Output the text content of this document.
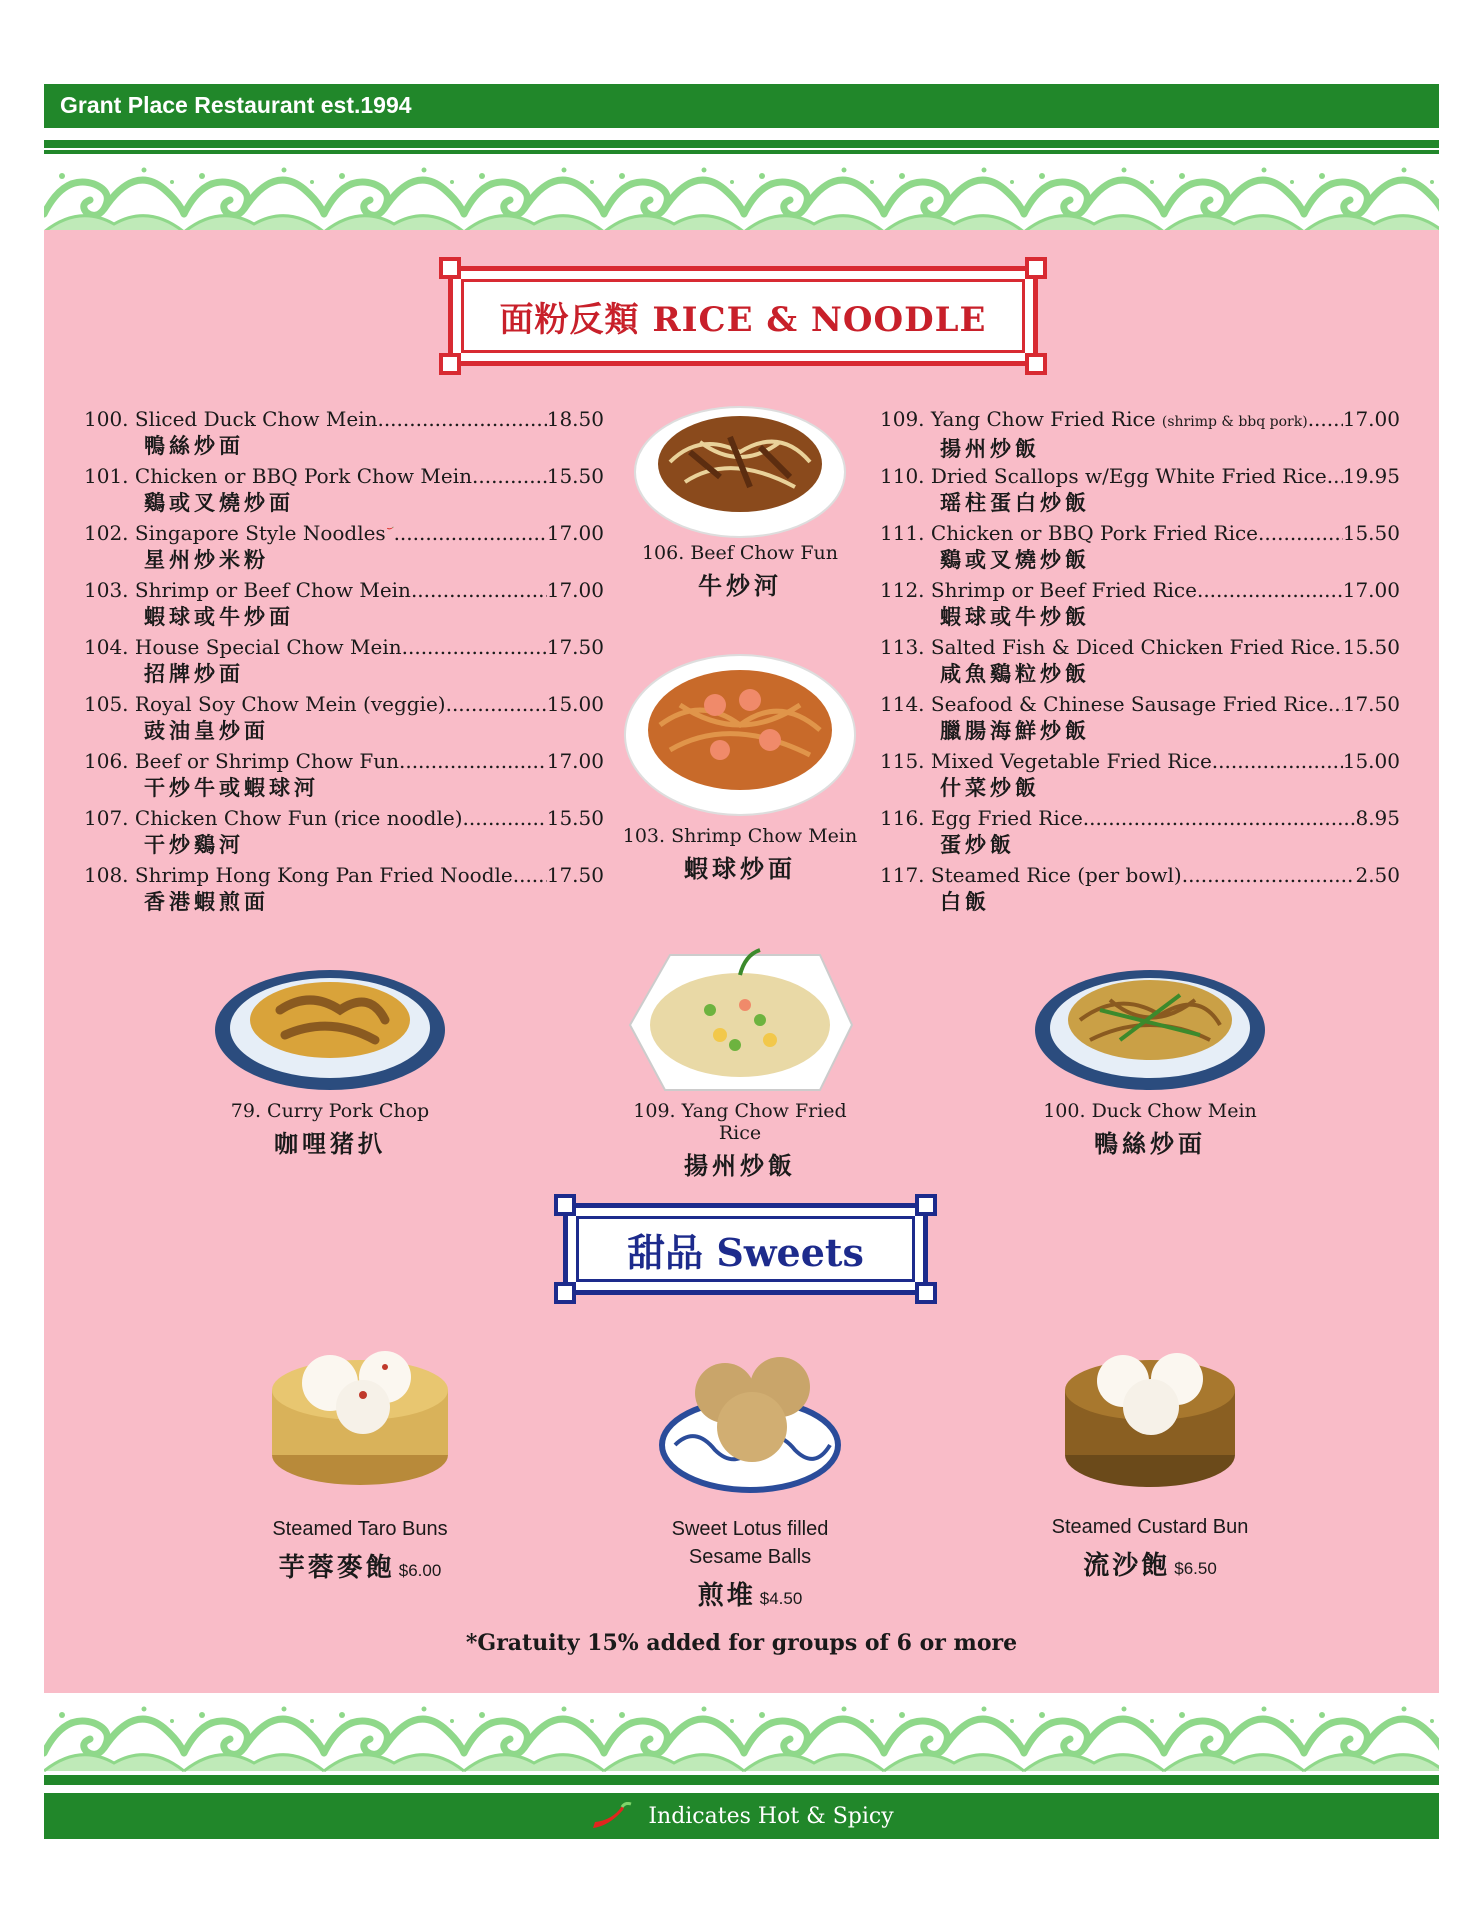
Grant Place Restaurant est.1994
面粉反類 RICE & NOODLE
100. Sliced Duck Chow Mein .....	18.50
鴨絲炒面
101. Chicken or BBQ Pork Chow Mein .....	15.50
鷄或叉燒炒面
102. Singapore Style Noodles .....	17.00
星州炒米粉
103. Shrimp or Beef Chow Mein .....	17.00
蝦球或牛炒面
104. House Special Chow Mein .....	17.50
招牌炒面
105. Royal Soy Chow Mein (veggie) .....	15.00
豉油皇炒面
106. Beef or Shrimp Chow Fun .....	17.00
干炒牛或蝦球河
107. Chicken Chow Fun (rice noodle) .....	15.50
干炒鷄河
108. Shrimp Hong Kong Pan Fried Noodle ..... 17.50
香港蝦煎面
109. Yang Chow Fried Rice (shrimp & bbq pork) ..... 17.00
揚州炒飯
110. Dried Scallops w/Egg White Fried Rice ..... 19.95
瑶柱蛋白炒飯
111. Chicken or BBQ Pork Fried Rice .....	15.50
鷄或叉燒炒飯
112. Shrimp or Beef Fried Rice .....	17.00
蝦球或牛炒飯
113. Salted Fish & Diced Chicken Fried Rice ..... 15.50
咸魚鷄粒炒飯
114. Seafood & Chinese Sausage Fried Rice ..... 17.50
臘腸海鮮炒飯
115. Mixed Vegetable Fried Rice .....	15.00
什菜炒飯
116. Egg Fried Rice .....	8.95
蛋炒飯
117. Steamed Rice (per bowl) .....	2.50
白飯
106. Beef Chow Fun
牛炒河
103. Shrimp Chow Mein
蝦球炒面
79. Curry Pork Chop
咖哩猪扒
109. Yang Chow Fried Rice
揚州炒飯
100. Duck Chow Mein
鴨絲炒面
甜品 Sweets
Steamed Taro Buns
芋蓉麥飽 $6.00
Sweet Lotus filled
Sesame Balls
煎堆 $4.50
Steamed Custard Bun
流沙飽 $6.50
*Gratuity 15% added for groups of 6 or more
Indicates Hot & Spicy
